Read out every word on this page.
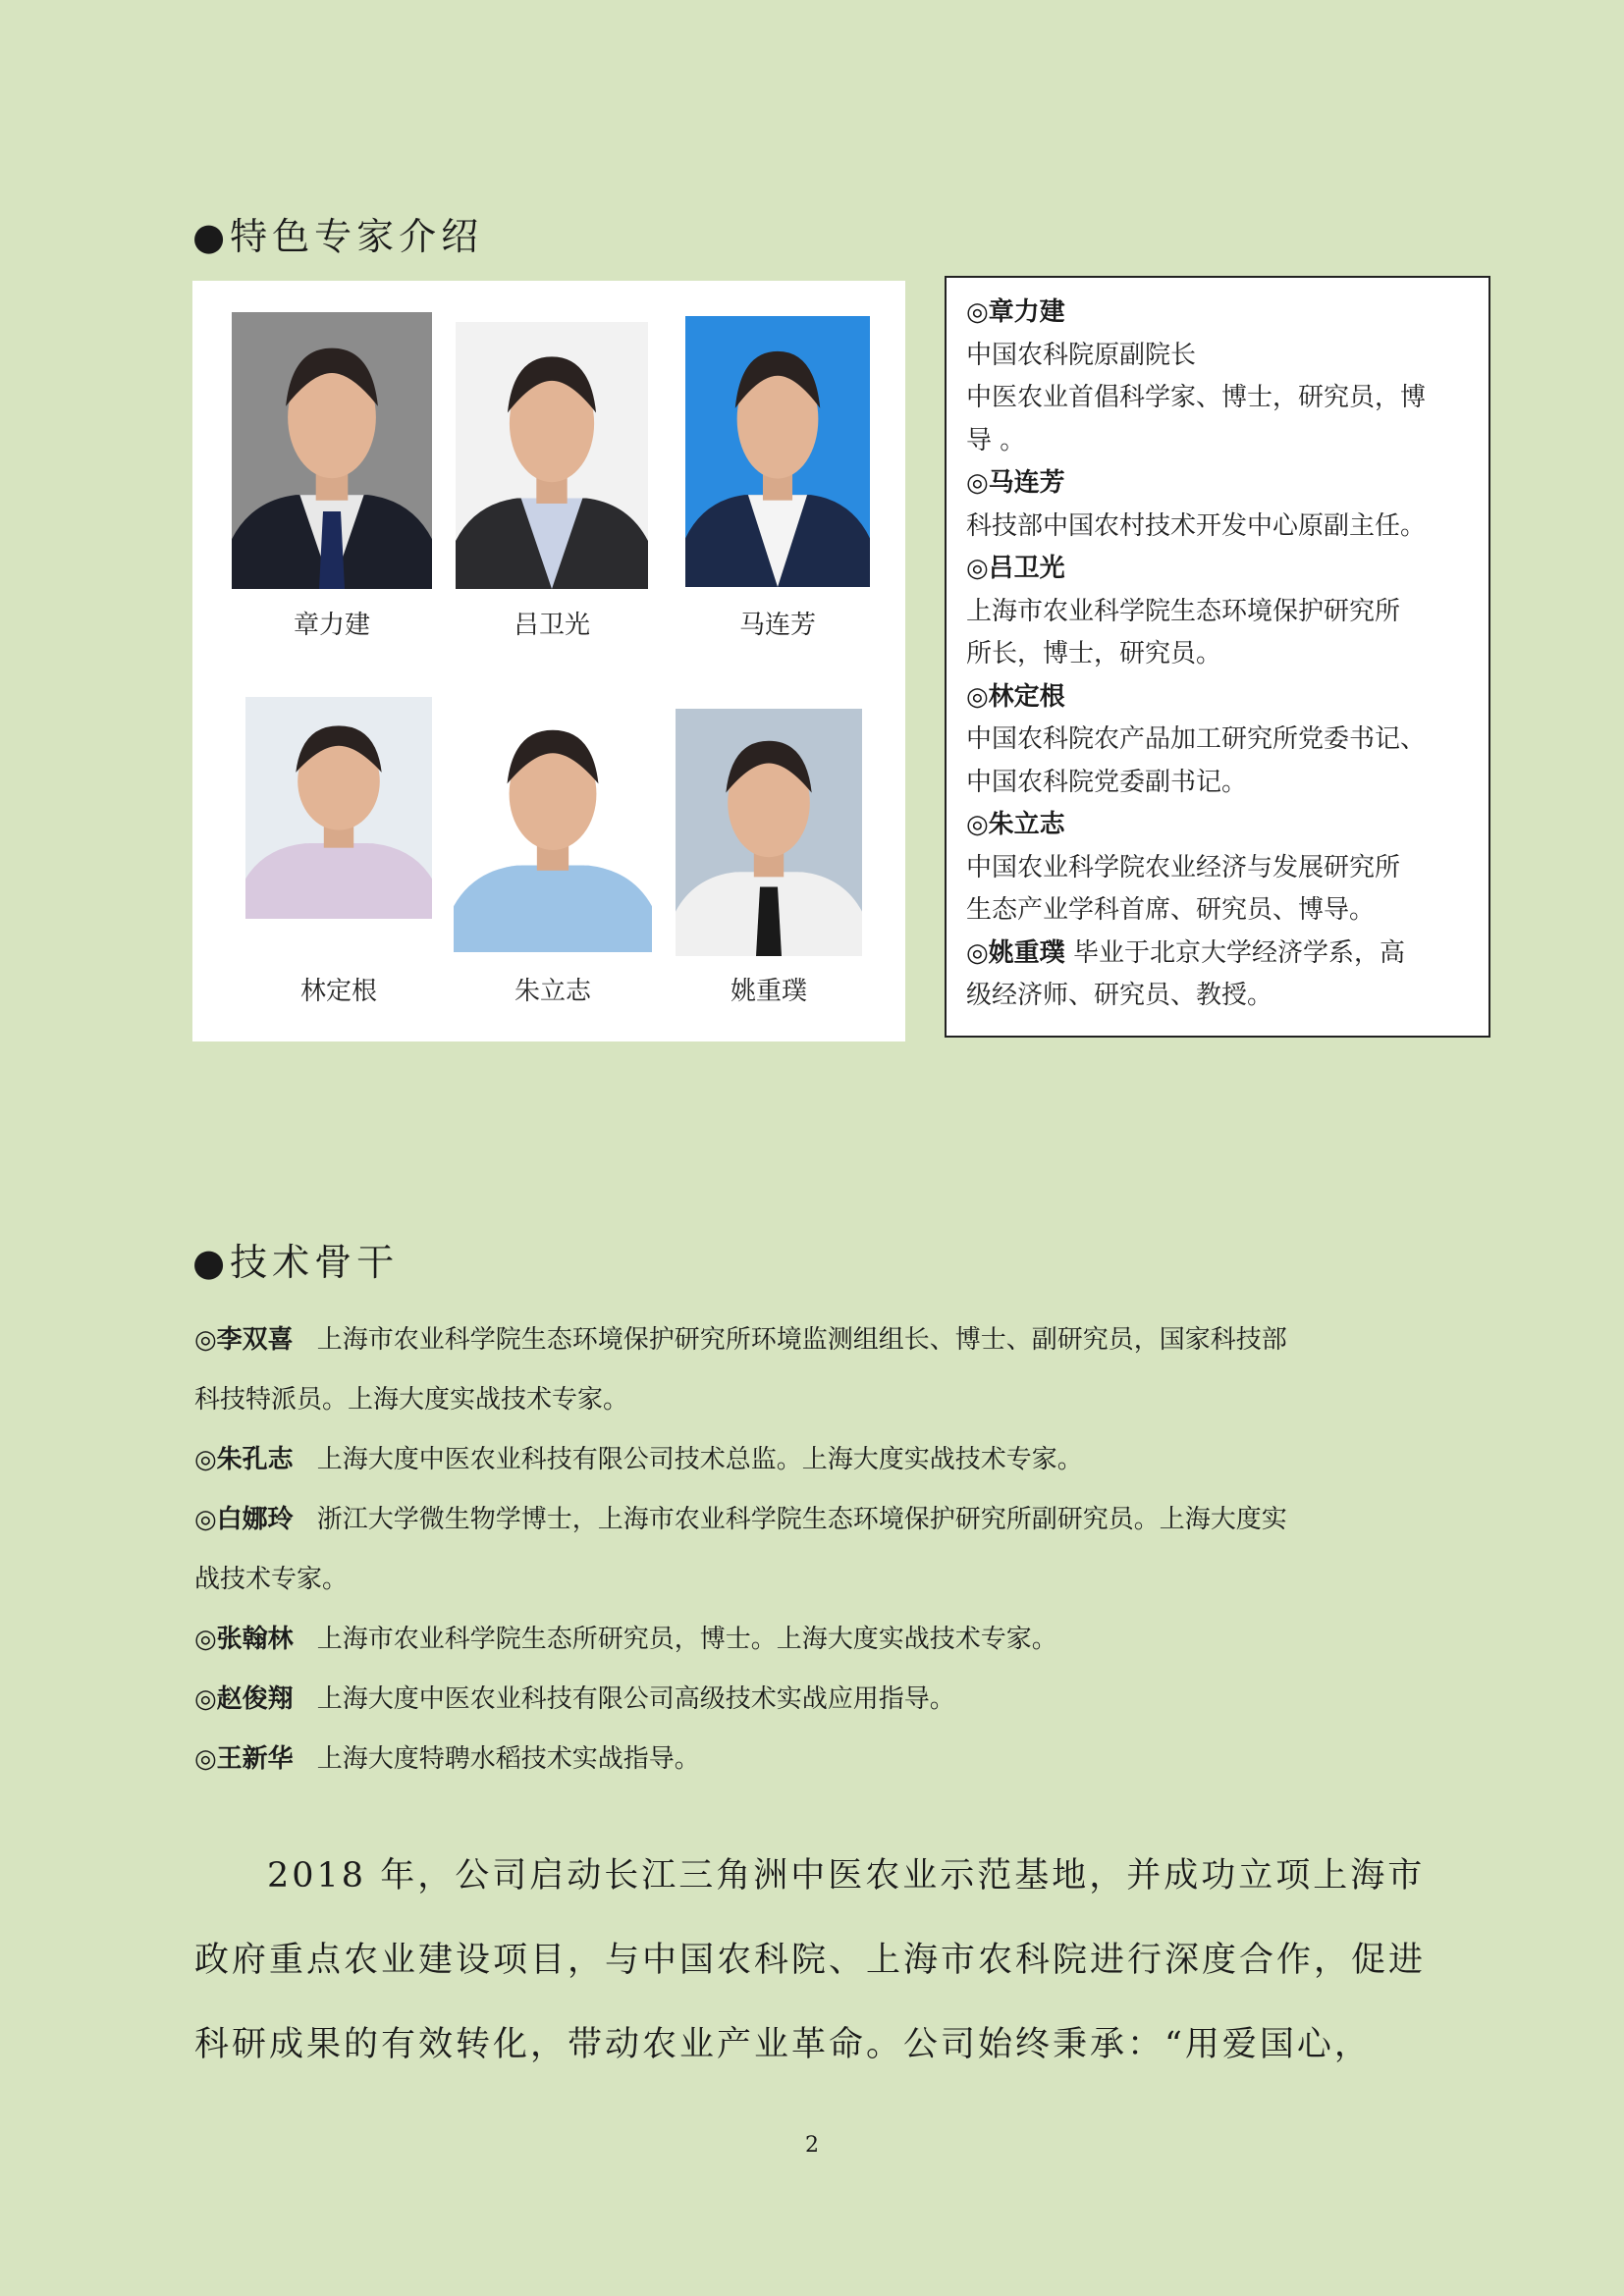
●特色专家介绍
章力建	吕卫光	马连芳
林定根	朱立志	姚重璞
◎章力建
中国农科院原副院长
中医农业首倡科学家、博士，研究员，博
导 。
◎马连芳
科技部中国农村技术开发中心原副主任。
◎吕卫光
上海市农业科学院生态环境保护研究所
所长，博士，研究员。
◎林定根
中国农科院农产品加工研究所党委书记、
中国农科院党委副书记。
◎朱立志
中国农业科学院农业经济与发展研究所
生态产业学科首席、研究员、博导。
◎姚重璞 毕业于北京大学经济学系，高
级经济师、研究员、教授。
●技术骨干
◎李双喜 上海市农业科学院生态环境保护研究所环境监测组组长、博士、副研究员，国家科技部
科技特派员。上海大度实战技术专家。
◎朱孔志 上海大度中医农业科技有限公司技术总监。上海大度实战技术专家。
◎白娜玲 浙江大学微生物学博士，上海市农业科学院生态环境保护研究所副研究员。上海大度实
战技术专家。
◎张翰林 上海市农业科学院生态所研究员，博士。上海大度实战技术专家。
◎赵俊翔 上海大度中医农业科技有限公司高级技术实战应用指导。
◎王新华 上海大度特聘水稻技术实战指导。
2018 年，公司启动长江三角洲中医农业示范基地，并成功立项上海市政府重点农业建设项目，与中国农科院、上海市农科院进行深度合作，促进科研成果的有效转化，带动农业产业革命。公司始终秉承：“用爱国心，
2
